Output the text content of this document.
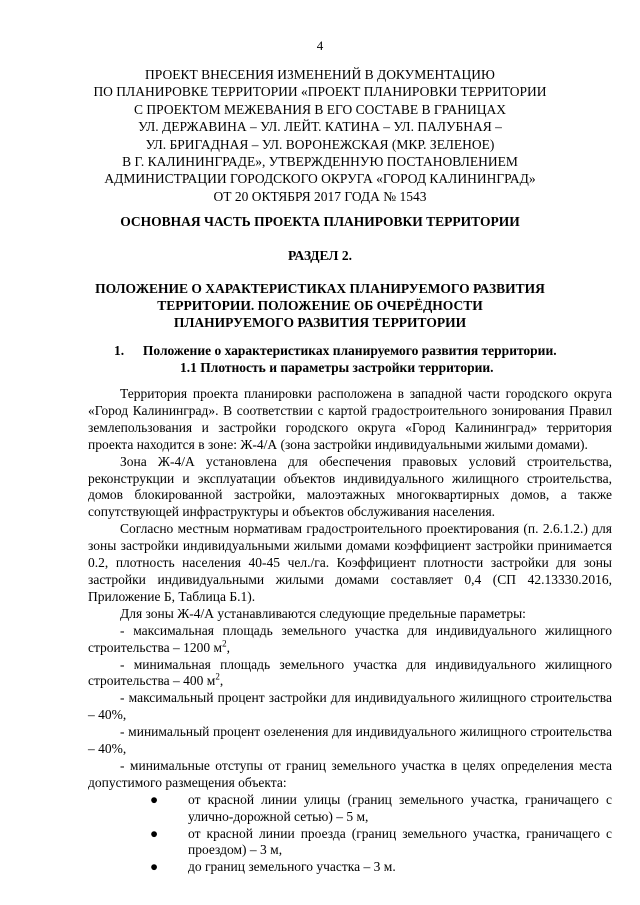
4
ПРОЕКТ ВНЕСЕНИЯ ИЗМЕНЕНИЙ В ДОКУМЕНТАЦИЮ
ПО ПЛАНИРОВКЕ ТЕРРИТОРИИ «ПРОЕКТ ПЛАНИРОВКИ ТЕРРИТОРИИ
С ПРОЕКТОМ МЕЖЕВАНИЯ В ЕГО СОСТАВЕ В ГРАНИЦАХ
УЛ. ДЕРЖАВИНА – УЛ. ЛЕЙТ. КАТИНА – УЛ. ПАЛУБНАЯ –
УЛ. БРИГАДНАЯ – УЛ. ВОРОНЕЖСКАЯ (МКР. ЗЕЛЕНОЕ)
В Г. КАЛИНИНГРАДЕ», УТВЕРЖДЕННУЮ ПОСТАНОВЛЕНИЕМ
АДМИНИСТРАЦИИ ГОРОДСКОГО ОКРУГА «ГОРОД КАЛИНИНГРАД»
ОТ 20 ОКТЯБРЯ 2017 ГОДА № 1543
ОСНОВНАЯ ЧАСТЬ ПРОЕКТА ПЛАНИРОВКИ ТЕРРИТОРИИ
РАЗДЕЛ 2.
ПОЛОЖЕНИЕ О ХАРАКТЕРИСТИКАХ ПЛАНИРУЕМОГО РАЗВИТИЯ
ТЕРРИТОРИИ. ПОЛОЖЕНИЕ ОБ ОЧЕРЁДНОСТИ
ПЛАНИРУЕМОГО РАЗВИТИЯ ТЕРРИТОРИИ
1. Положение о характеристиках планируемого развития территории.
1.1 Плотность и параметры застройки территории.

Территория проекта планировки расположена в западной части городского округа «Город Калининград». В соответствии с картой градостроительного зонирования Правил землепользования и застройки городского округа «Город Калининград» территория проекта находится в зоне: Ж-4/А (зона застройки индивидуальными жилыми домами).

Зона Ж-4/А установлена для обеспечения правовых условий строительства, реконструкции и эксплуатации объектов индивидуального жилищного строительства, домов блокированной застройки, малоэтажных многоквартирных домов, а также сопутствующей инфраструктуры и объектов обслуживания населения.

Согласно местным нормативам градостроительного проектирования (п. 2.6.1.2.) для зоны застройки индивидуальными жилыми домами коэффициент застройки принимается 0.2, плотность населения 40-45 чел./га. Коэффициент плотности застройки для зоны застройки индивидуальными жилыми домами составляет 0,4 (СП 42.13330.2016, Приложение Б, Таблица Б.1).

Для зоны Ж-4/А устанавливаются следующие предельные параметры:

- максимальная площадь земельного участка для индивидуального жилищного строительства – 1200 $м^2$,

- минимальная площадь земельного участка для индивидуального жилищного строительства – 400 $м^2$,

- максимальный процент застройки для индивидуального жилищного строительства – 40%,

- минимальный процент озеленения для индивидуального жилищного строительства – 40%,

- минимальные отступы от границ земельного участка в целях определения места допустимого размещения объекта:

● от красной линии улицы (границ земельного участка, граничащего с улично-дорожной сетью) – 5 м,
● от красной линии проезда (границ земельного участка, граничащего с проездом) – 3 м,
● до границ земельного участка – 3 м.
